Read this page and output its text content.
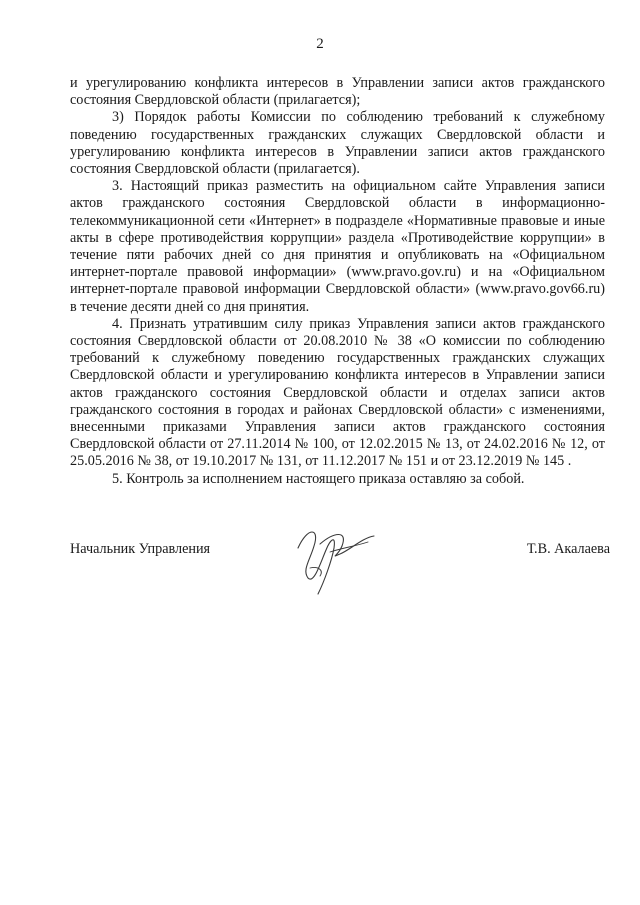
2

и урегулированию конфликта интересов в Управлении записи актов гражданского состояния Свердловской области (прилагается);

3) Порядок работы Комиссии по соблюдению требований к служебному поведению государственных гражданских служащих Свердловской области и урегулированию конфликта интересов в Управлении записи актов гражданского состояния Свердловской области (прилагается).

3. Настоящий приказ разместить на официальном сайте Управления записи актов гражданского состояния Свердловской области в информационно-телекоммуникационной сети «Интернет» в подразделе «Нормативные правовые и иные акты в сфере противодействия коррупции» раздела «Противодействие коррупции» в течение пяти рабочих дней со дня принятия и опубликовать на «Официальном интернет-портале правовой информации» (www.pravo.gov.ru) и на «Официальном интернет-портале правовой информации Свердловской области» (www.pravo.gov66.ru) в течение десяти дней со дня принятия.

4. Признать утратившим силу приказ Управления записи актов гражданского состояния Свердловской области от 20.08.2010 № 38 «О комиссии по соблюдению требований к служебному поведению государственных гражданских служащих Свердловской области и урегулированию конфликта интересов в Управлении записи актов гражданского состояния Свердловской области и отделах записи актов гражданского состояния в городах и районах Свердловской области» с изменениями, внесенными приказами Управления записи актов гражданского состояния Свердловской области от 27.11.2014 № 100, от 12.02.2015 № 13, от 24.02.2016 № 12, от 25.05.2016 № 38, от 19.10.2017 № 131, от 11.12.2017 № 151 и от 23.12.2019 № 145 .

5. Контроль за исполнением настоящего приказа оставляю за собой.

Начальник Управления	Т.В. Акалаева
